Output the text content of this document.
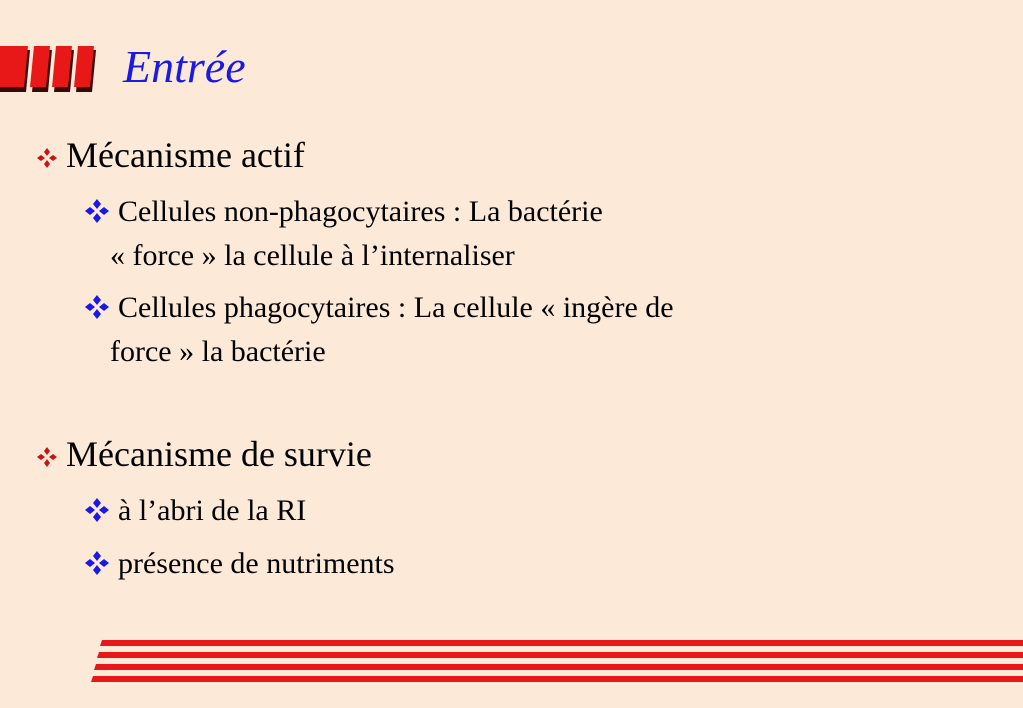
Entrée
Mécanisme actif
Cellules non-phagocytaires : La bactérie
« force » la cellule à l’internaliser
Cellules phagocytaires : La cellule « ingère de
force » la bactérie
Mécanisme de survie
à l’abri de la RI
présence de nutriments
